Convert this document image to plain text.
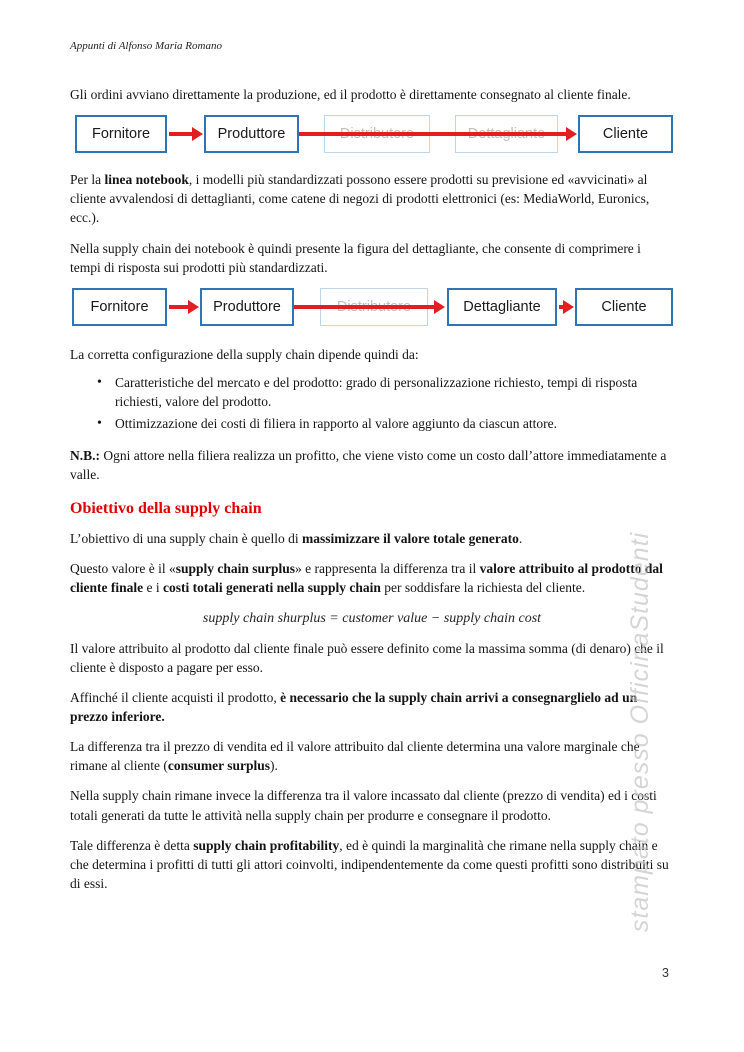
Appunti di Alfonso Maria Romano

Gli ordini avviano direttamente la produzione, ed il prodotto è direttamente consegnato al cliente finale.

Fornitore	Produttore	Cliente

Per la linea notebook, i modelli più standardizzati possono essere prodotti su previsione ed «avvicinati» al cliente avvalendosi di dettaglianti, come catene di negozi di prodotti elettronici (es: MediaWorld, Euronics, ecc.).

Nella supply chain dei notebook è quindi presente la figura del dettagliante, che consente di comprimere i tempi di risposta sui prodotti più standardizzati.

Fornitore	Produttore	Dettagliante	Cliente

La corretta configurazione della supply chain dipende quindi da:

• Caratteristiche del mercato e del prodotto: grado di personalizzazione richiesto, tempi di risposta richiesti, valore del prodotto.
• Ottimizzazione dei costi di filiera in rapporto al valore aggiunto da ciascun attore.

N.B.: Ogni attore nella filiera realizza un profitto, che viene visto come un costo dall’attore immediatamente a valle.

Obiettivo della supply chain

L’obiettivo di una supply chain è quello di massimizzare il valore totale generato.

Questo valore è il «supply chain surplus» e rappresenta la differenza tra il valore attribuito al prodotto dal cliente finale e i costi totali generati nella supply chain per soddisfare la richiesta del cliente.

supply chain shurplus = customer value − supply chain cost

Il valore attribuito al prodotto dal cliente finale può essere definito come la massima somma (di denaro) che il cliente è disposto a pagare per esso.

Affinché il cliente acquisti il prodotto, è necessario che la supply chain arrivi a consegnarglielo ad un prezzo inferiore.

La differenza tra il prezzo di vendita ed il valore attribuito dal cliente determina una valore marginale che rimane al cliente (consumer surplus).

Nella supply chain rimane invece la differenza tra il valore incassato dal cliente (prezzo di vendita) ed i costi totali generati da tutte le attività nella supply chain per produrre e consegnare il prodotto.

Tale differenza è detta supply chain profitability, ed è quindi la marginalità che rimane nella supply chain e che determina i profitti di tutti gli attori coinvolti, indipendentemente da come questi profitti sono distribuiti su di essi.	stampato presso OfficinaStudenti
3
